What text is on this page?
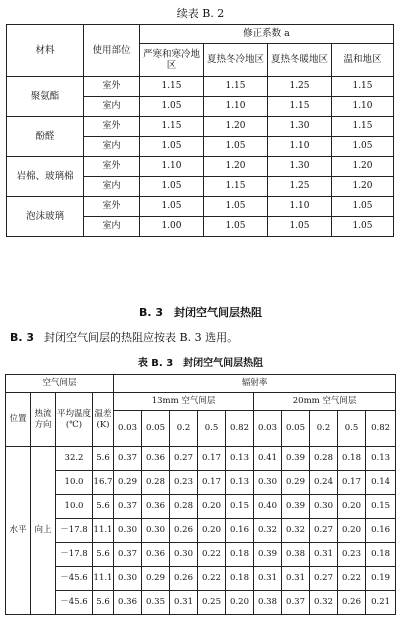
续表 B. 2
材料	使用部位	修正系数 a			
		严寒和寒冷地区	夏热冬冷地区	夏热冬暖地区	温和地区
聚氨酯	室外	1.15	1.15	1.25	1.15
	室内	1.05	1.10	1.15	1.10
酚醛	室外	1.15	1.20	1.30	1.15
	室内	1.05	1.05	1.10	1.05
岩棉、玻璃棉	室外	1.10	1.20	1.30	1.20
	室内	1.05	1.15	1.25	1.20
泡沫玻璃	室外	1.05	1.05	1.10	1.05
	室内	1.00	1.05	1.05	1.05
B. 3　封闭空气间层热阻
B. 3 封闭空气间层的热阻应按表 B. 3 选用。
表 B. 3　封闭空气间层热阻
空气间层				辐射率									
位置	热流方向	平均温度(℃)	温差(K)	13mm 空气间层					20mm 空气间层				
				0.03	0.05	0.2	0.5	0.82	0.03	0.05	0.2	0.5	0.82
水平	向上	32.2	5.6	0.37	0.36	0.27	0.17	0.13	0.41	0.39	0.28	0.18	0.13
		10.0	16.7	0.29	0.28	0.23	0.17	0.13	0.30	0.29	0.24	0.17	0.14
		10.0	5.6	0.37	0.36	0.28	0.20	0.15	0.40	0.39	0.30	0.20	0.15
		－17.8	11.1	0.30	0.30	0.26	0.20	0.16	0.32	0.32	0.27	0.20	0.16
		－17.8	5.6	0.37	0.36	0.30	0.22	0.18	0.39	0.38	0.31	0.23	0.18
		－45.6	11.1	0.30	0.29	0.26	0.22	0.18	0.31	0.31	0.27	0.22	0.19
		－45.6	5.6	0.36	0.35	0.31	0.25	0.20	0.38	0.37	0.32	0.26	0.21
